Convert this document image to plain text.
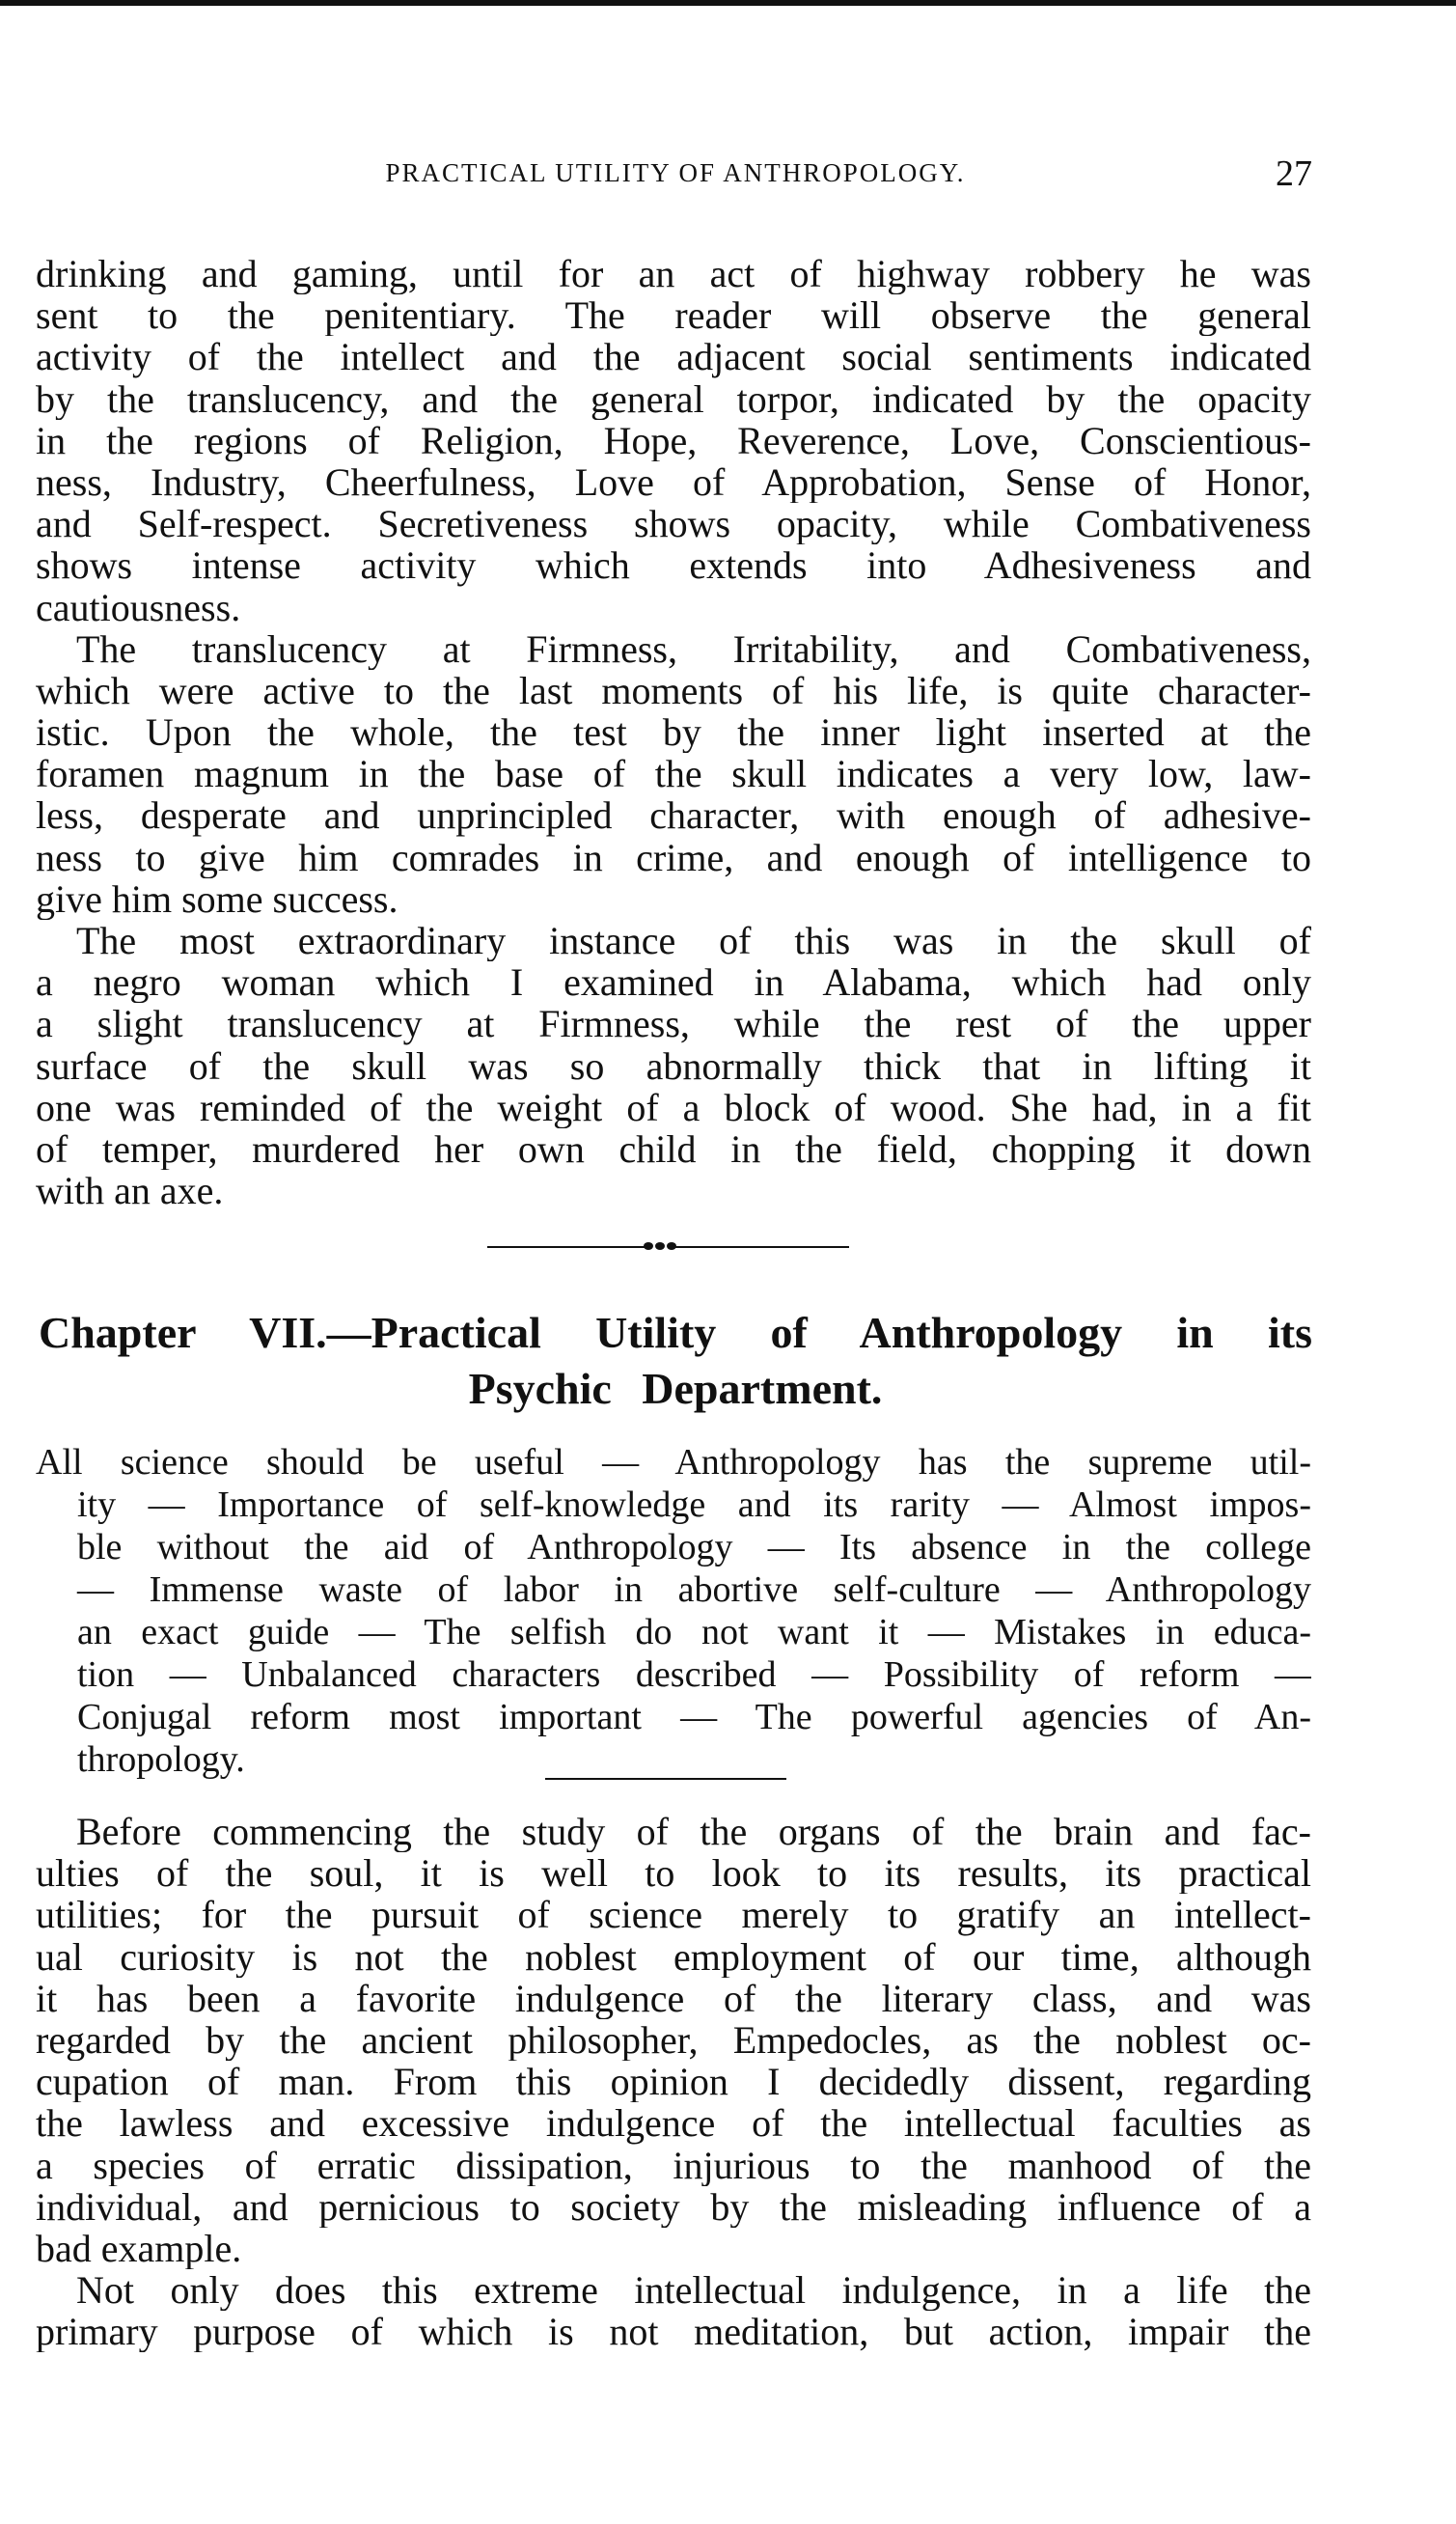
PRACTICAL UTILITY OF ANTHROPOLOGY.	27
drinking and gaming, until for an act of highway robbery he was
sent to the penitentiary. The reader will observe the general
activity of the intellect and the adjacent social sentiments indicated
by the translucency, and the general torpor, indicated by the opacity
in the regions of Religion, Hope, Reverence, Love, Conscientious-
ness, Industry, Cheerfulness, Love of Approbation, Sense of Honor,
and Self-respect. Secretiveness shows opacity, while Combativeness
shows intense activity which extends into Adhesiveness and
cautiousness.
The translucency at Firmness, Irritability, and Combativeness,
which were active to the last moments of his life, is quite character-
istic. Upon the whole, the test by the inner light inserted at the
foramen magnum in the base of the skull indicates a very low, law-
less, desperate and unprincipled character, with enough of adhesive-
ness to give him comrades in crime, and enough of intelligence to
give him some success.
The most extraordinary instance of this was in the skull of
a negro woman which I examined in Alabama, which had only
a slight translucency at Firmness, while the rest of the upper
surface of the skull was so abnormally thick that in lifting it
one was reminded of the weight of a block of wood. She had, in a fit
of temper, murdered her own child in the field, chopping it down
with an axe.
Chapter VII.—Practical Utility of Anthropology in its
Psychic Department.
All science should be useful — Anthropology has the supreme util-
ity — Importance of self-knowledge and its rarity — Almost impos-
ble without the aid of Anthropology — Its absence in the college
— Immense waste of labor in abortive self-culture — Anthropology
an exact guide — The selfish do not want it — Mistakes in educa-
tion — Unbalanced characters described — Possibility of reform —
Conjugal reform most important — The powerful agencies of An-
thropology.
Before commencing the study of the organs of the brain and fac-
ulties of the soul, it is well to look to its results, its practical
utilities; for the pursuit of science merely to gratify an intellect-
ual curiosity is not the noblest employment of our time, although
it has been a favorite indulgence of the literary class, and was
regarded by the ancient philosopher, Empedocles, as the noblest oc-
cupation of man. From this opinion I decidedly dissent, regarding
the lawless and excessive indulgence of the intellectual faculties as
a species of erratic dissipation, injurious to the manhood of the
individual, and pernicious to society by the misleading influence of a
bad example.
Not only does this extreme intellectual indulgence, in a life the
primary purpose of which is not meditation, but action, impair the
